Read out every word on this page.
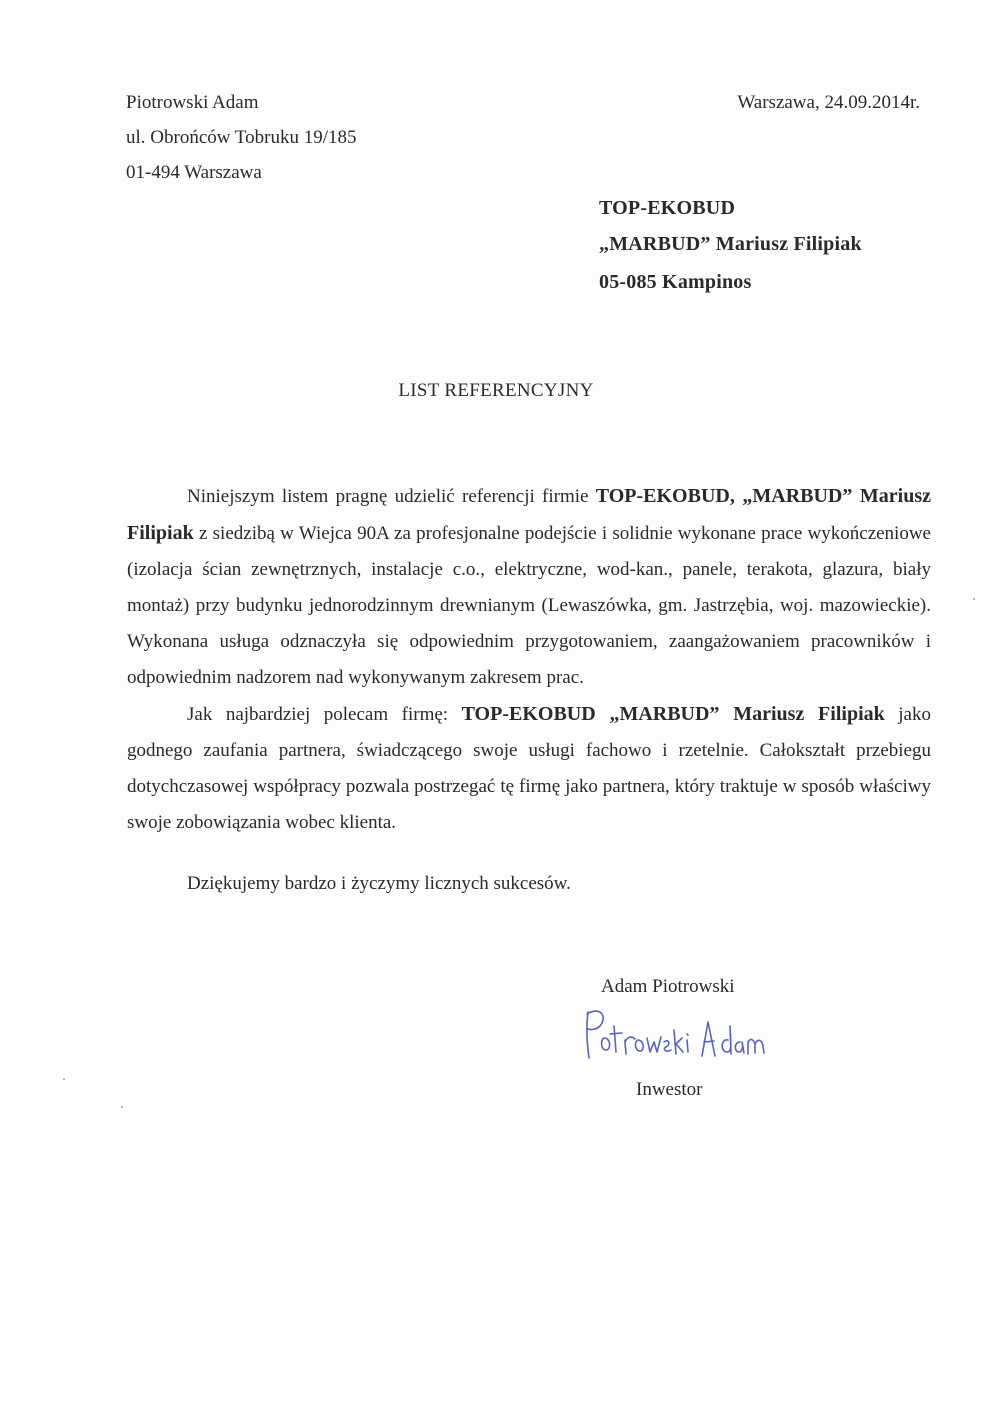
Piotrowski Adam
ul. Obrońców Tobruku 19/185
01-494 Warszawa
Warszawa, 24.09.2014r.
TOP-EKOBUD
„MARBUD” Mariusz Filipiak
05-085 Kampinos
LIST REFERENCYJNY

Niniejszym listem pragnę udzielić referencji firmie TOP-EKOBUD, „MARBUD” Mariusz Filipiak z siedzibą w Wiejca 90A za profesjonalne podejście i solidnie wykonane prace wykończeniowe (izolacja ścian zewnętrznych, instalacje c.o., elektryczne, wod-kan., panele, terakota, glazura, biały montaż) przy budynku jednorodzinnym drewnianym (Lewaszówka, gm. Jastrzębia, woj. mazowieckie). Wykonana usługa odznaczyła się odpowiednim przygotowaniem, zaangażowaniem pracowników i odpowiednim nadzorem nad wykonywanym zakresem prac.

Jak najbardziej polecam firmę: TOP-EKOBUD „MARBUD” Mariusz Filipiak jako godnego zaufania partnera, świadczącego swoje usługi fachowo i rzetelnie. Całokształt przebiegu dotychczasowej współpracy pozwala postrzegać tę firmę jako partnera, który traktuje w sposób właściwy swoje zobowiązania wobec klienta.

Dziękujemy bardzo i życzymy licznych sukcesów.
Adam Piotrowski
Inwestor
